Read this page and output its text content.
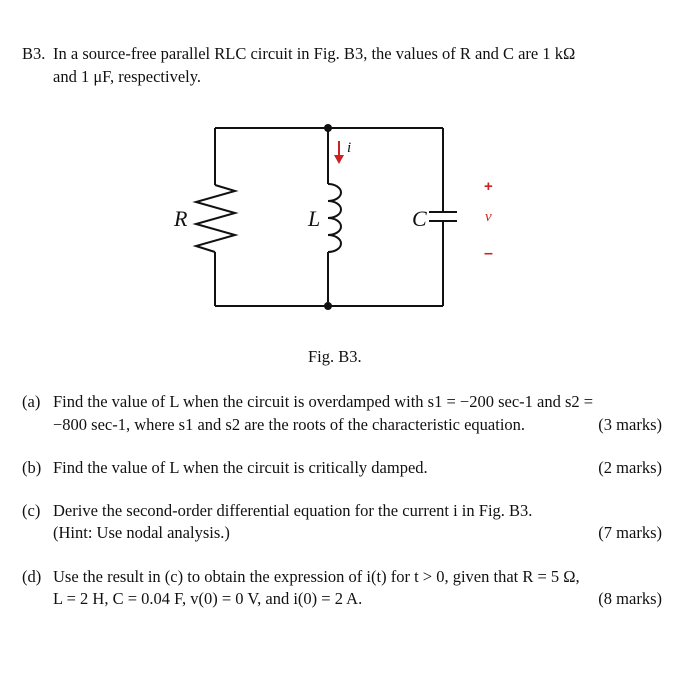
B3. In a source-free parallel RLC circuit in Fig. B3, the values of R and C are 1 kΩ
and 1 μF, respectively.
i
R	L	C
+
v
–
Fig. B3.
(a) Find the value of L when the circuit is overdamped with s1 = −200 sec-1 and s2 =
−800 sec-1, where s1 and s2 are the roots of the characteristic equation.	(3 marks)
(b) Find the value of L when the circuit is critically damped.	(2 marks)
(c) Derive the second-order differential equation for the current i in Fig. B3.
(Hint: Use nodal analysis.)	(7 marks)
(d) Use the result in (c) to obtain the expression of i(t) for t > 0, given that R = 5 Ω,
L = 2 H, C = 0.04 F, v(0) = 0 V, and i(0) = 2 A.	(8 marks)
